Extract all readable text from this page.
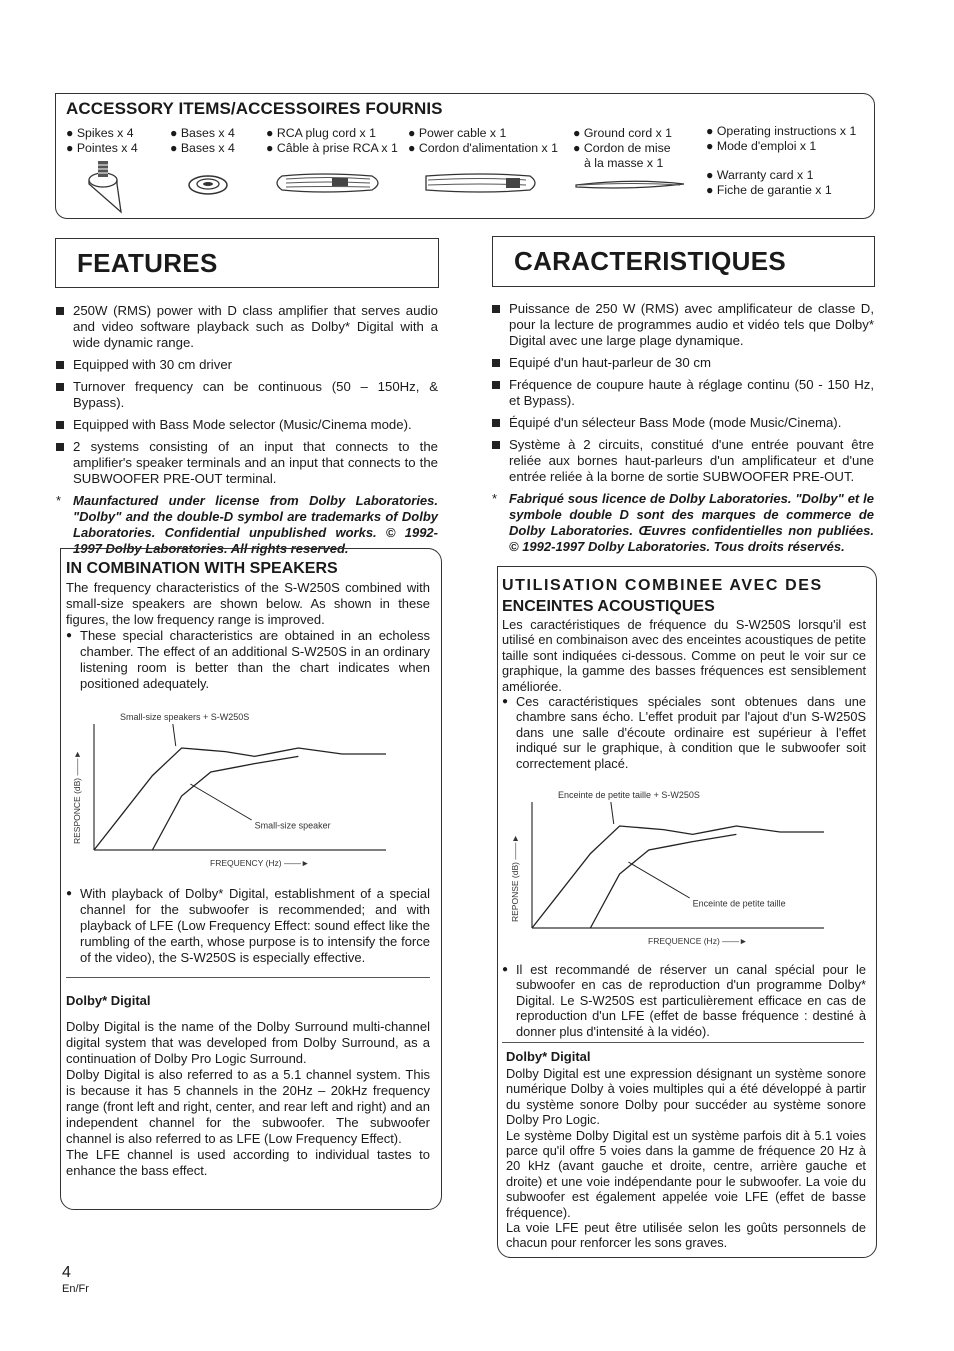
ACCESSORY ITEMS/ACCESSOIRES FOURNIS
● Spikes x 4
● Pointes x 4
● Bases x 4
● Bases x 4
● RCA plug cord x 1
● Câble à prise RCA x 1
● Power cable x 1
● Cordon d'alimentation x 1
● Ground cord x 1
● Cordon de mise
à la masse x 1
● Operating instructions x 1
● Mode d'emploi x 1
● Warranty card x 1
● Fiche de garantie x 1
FEATURES	CARACTERISTIQUES
250W (RMS) power with D class amplifier that serves audio and video software playback such as Dolby* Digital with a wide dynamic range.
Equipped with 30 cm driver
Turnover frequency can be continuous (50 – 150Hz, & Bypass).
Equipped with Bass Mode selector (Music/Cinema mode).
2 systems consisting of an input that connects to the amplifier's speaker terminals and an input that connects to the SUBWOOFER PRE-OUT terminal.
* Maunfactured under license from Dolby Laboratories. "Dolby" and the double-D symbol are trademarks of Dolby Laboratories. Confidential unpublished works. © 1992-1997 Dolby Laboratories. All rights reserved.
Puissance de 250 W (RMS) avec amplificateur de classe D, pour la lecture de programmes audio et vidéo tels que Dolby* Digital avec une large plage dynamique.
Equipé d'un haut-parleur de 30 cm
Fréquence de coupure haute à réglage continu (50 - 150 Hz, et Bypass).
Équipé d'un sélecteur Bass Mode (mode Music/Cinema).
Système à 2 circuits, constitué d'une entrée pouvant être reliée aux bornes haut-parleurs d'un amplificateur et d'une entrée reliée à la borne de sortie SUBWOOFER PRE-OUT.
* Fabriqué sous licence de Dolby Laboratories. "Dolby" et le symbole double D sont des marques de commerce de Dolby Laboratories. Œuvres confidentielles non publiées. © 1992-1997 Dolby Laboratories. Tous droits réservés.
IN COMBINATION WITH SPEAKERS
The frequency characteristics of the S-W250S combined with small-size speakers are shown below. As shown in these figures, the low frequency range is improved.
● These special characteristics are obtained in an echoless chamber. The effect of an additional S-W250S in an ordinary listening room is better than the chart indicates when positioned adequately.
Small-size speakers + S-W250S
Small-size speaker
FREQUENCY (Hz) ——►
RESPONCE (dB) ——►
● With playback of Dolby* Digital, establishment of a special channel for the subwoofer is recommended; and with playback of LFE (Low Frequency Effect: sound effect like the rumbling of the earth, whose purpose is to intensify the force of the video), the S-W250S is especially effective.
Dolby* Digital
Dolby Digital is the name of the Dolby Surround multi-channel digital system that was developed from Dolby Surround, as a continuation of Dolby Pro Logic Surround.
Dolby Digital is also referred to as a 5.1 channel system. This is because it has 5 channels in the 20Hz – 20kHz frequency range (front left and right, center, and rear left and right) and an independent channel for the subwoofer. The subwoofer channel is also referred to as LFE (Low Frequency Effect).
The LFE channel is used according to individual tastes to enhance the bass effect.
UTILISATION COMBINEE AVEC DES
ENCEINTES ACOUSTIQUES
Les caractéristiques de fréquence du S-W250S lorsqu'il est utilisé en combinaison avec des enceintes acoustiques de petite taille sont indiquées ci-dessous. Comme on peut le voir sur ce graphique, la gamme des basses fréquences est sensiblement améliorée.
● Ces caractéristiques spéciales sont obtenues dans une chambre sans écho. L'effet produit par l'ajout d'un S-W250S dans une salle d'écoute ordinaire est supérieur à l'effet indiqué sur le graphique, à condition que le subwoofer soit correctement placé.
Enceinte de petite taille + S-W250S
Enceinte de petite taille
FREQUENCE (Hz) ——►
REPONSE (dB) ——►
● Il est recommandé de réserver un canal spécial pour le subwoofer en cas de reproduction d'un programme Dolby* Digital. Le S-W250S est particulièrement efficace en cas de reproduction d'un LFE (effet de basse fréquence : destiné à donner plus d'intensité à la vidéo).
Dolby* Digital
Dolby Digital est une expression désignant un système sonore numérique Dolby à voies multiples qui a été développé à partir du système sonore Dolby pour succéder au système sonore Dolby Pro Logic.
Le système Dolby Digital est un système parfois dit à 5.1 voies parce qu'il offre 5 voies dans la gamme de fréquence 20 Hz à 20 kHz (avant gauche et droite, centre, arrière gauche et droite) et une voie indépendante pour le subwoofer. La voie du subwoofer est également appelée voie LFE (effet de basse fréquence).
La voie LFE peut être utilisée selon les goûts personnels de chacun pour renforcer les sons graves.
4
En/Fr
